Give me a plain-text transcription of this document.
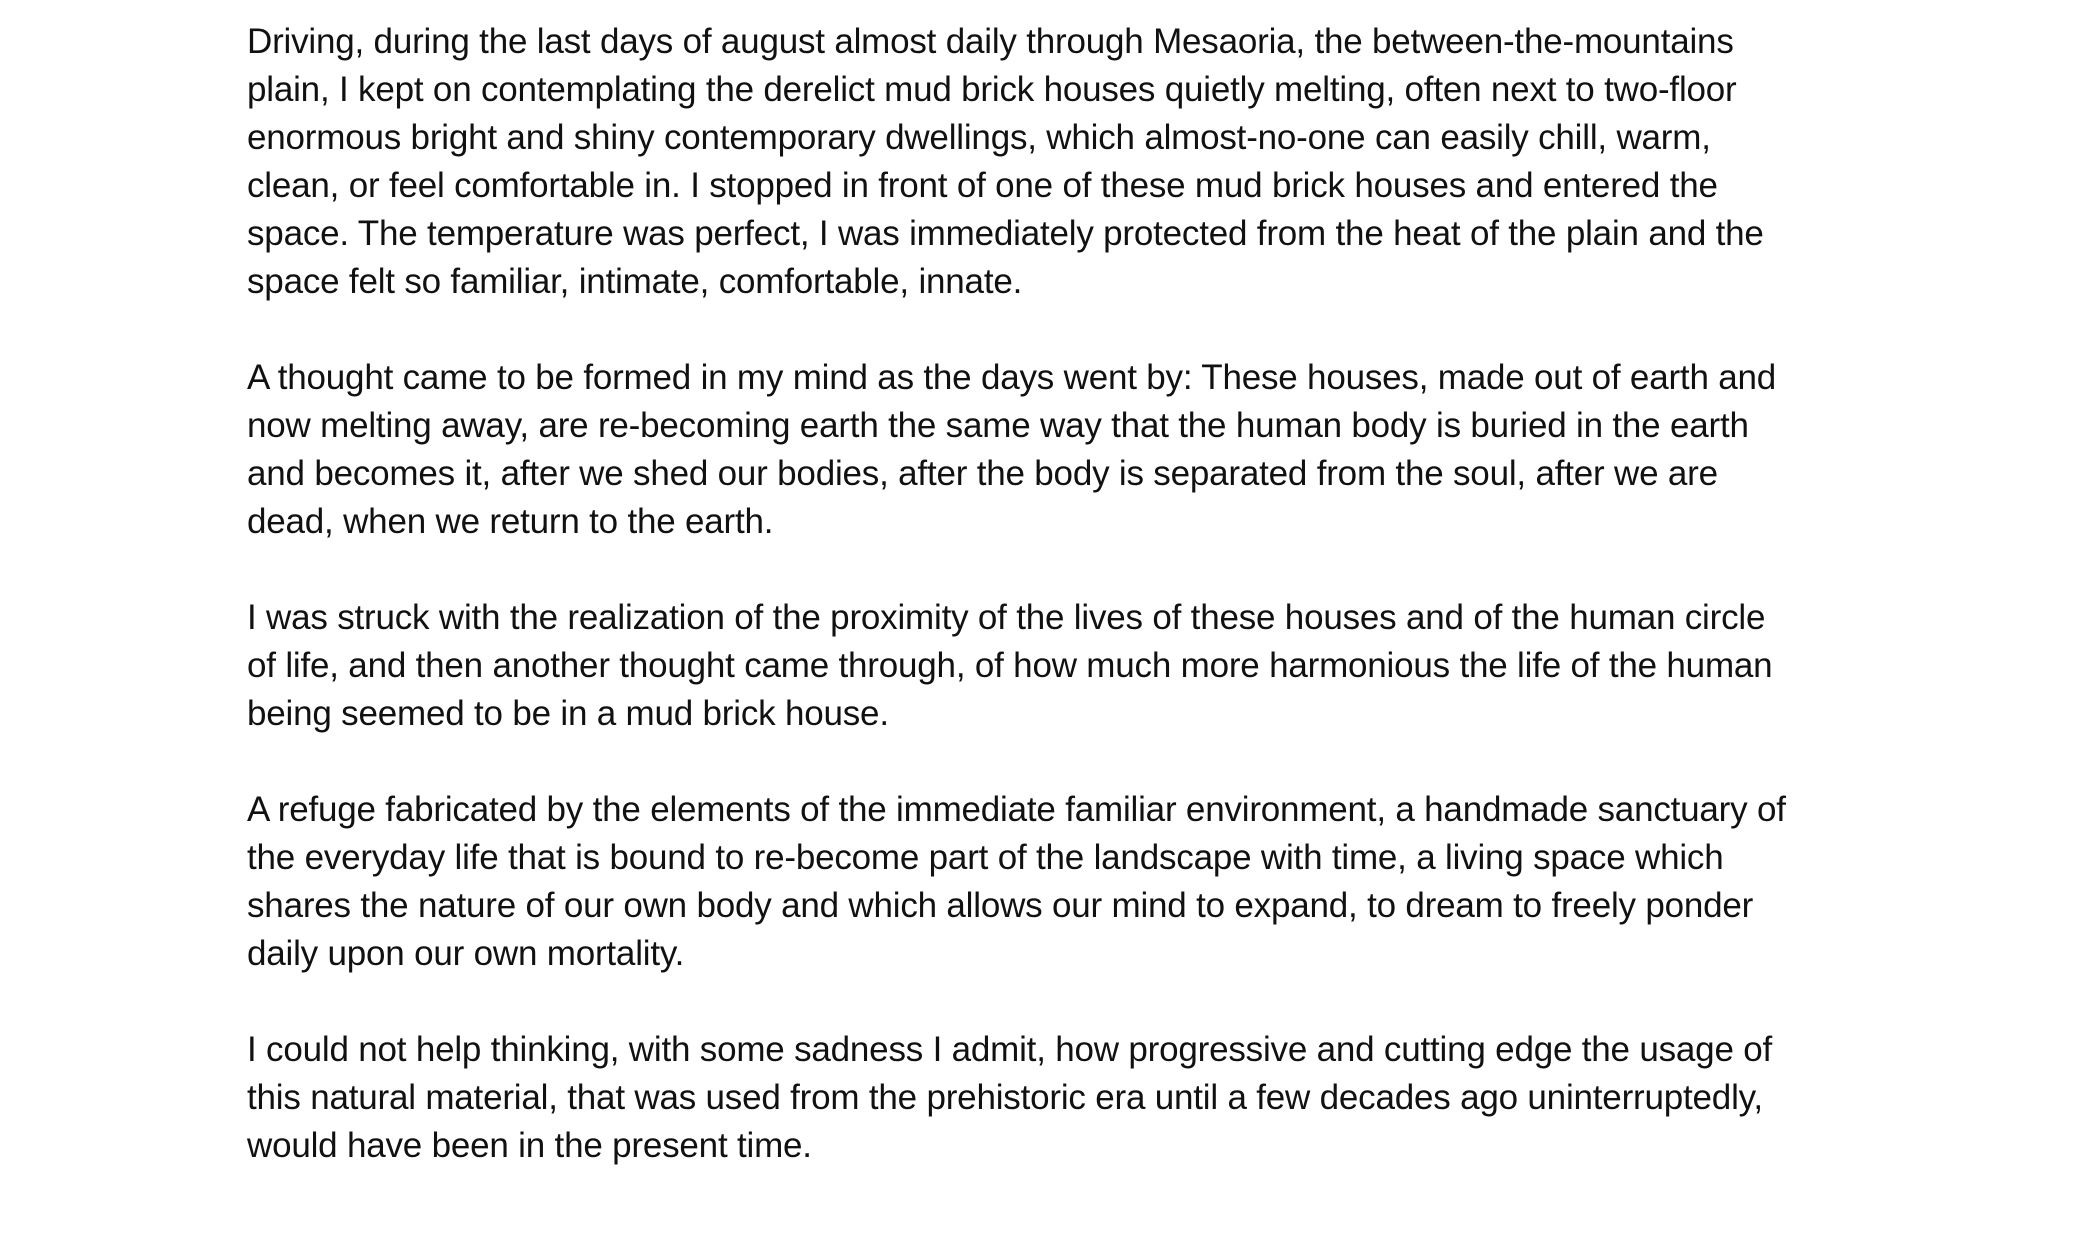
Driving, during the last days of august almost daily through Mesaoria, the between-the-mountains
plain, I kept on contemplating the derelict mud brick houses quietly melting, often next to two-floor
enormous bright and shiny contemporary dwellings, which almost-no-one can easily chill, warm,
clean, or feel comfortable in. I stopped in front of one of these mud brick houses and entered the
space. The temperature was perfect, I was immediately protected from the heat of the plain and the
space felt so familiar, intimate, comfortable, innate.

A thought came to be formed in my mind as the days went by: These houses, made out of earth and
now melting away, are re-becoming earth the same way that the human body is buried in the earth
and becomes it, after we shed our bodies, after the body is separated from the soul, after we are
dead, when we return to the earth.

I was struck with the realization of the proximity of the lives of these houses and of the human circle
of life, and then another thought came through, of how much more harmonious the life of the human
being seemed to be in a mud brick house.

A refuge fabricated by the elements of the immediate familiar environment, a handmade sanctuary of
the everyday life that is bound to re-become part of the landscape with time, a living space which
shares the nature of our own body and which allows our mind to expand, to dream to freely ponder
daily upon our own mortality.

I could not help thinking, with some sadness I admit, how progressive and cutting edge the usage of
this natural material, that was used from the prehistoric era until a few decades ago uninterruptedly,
would have been in the present time.
